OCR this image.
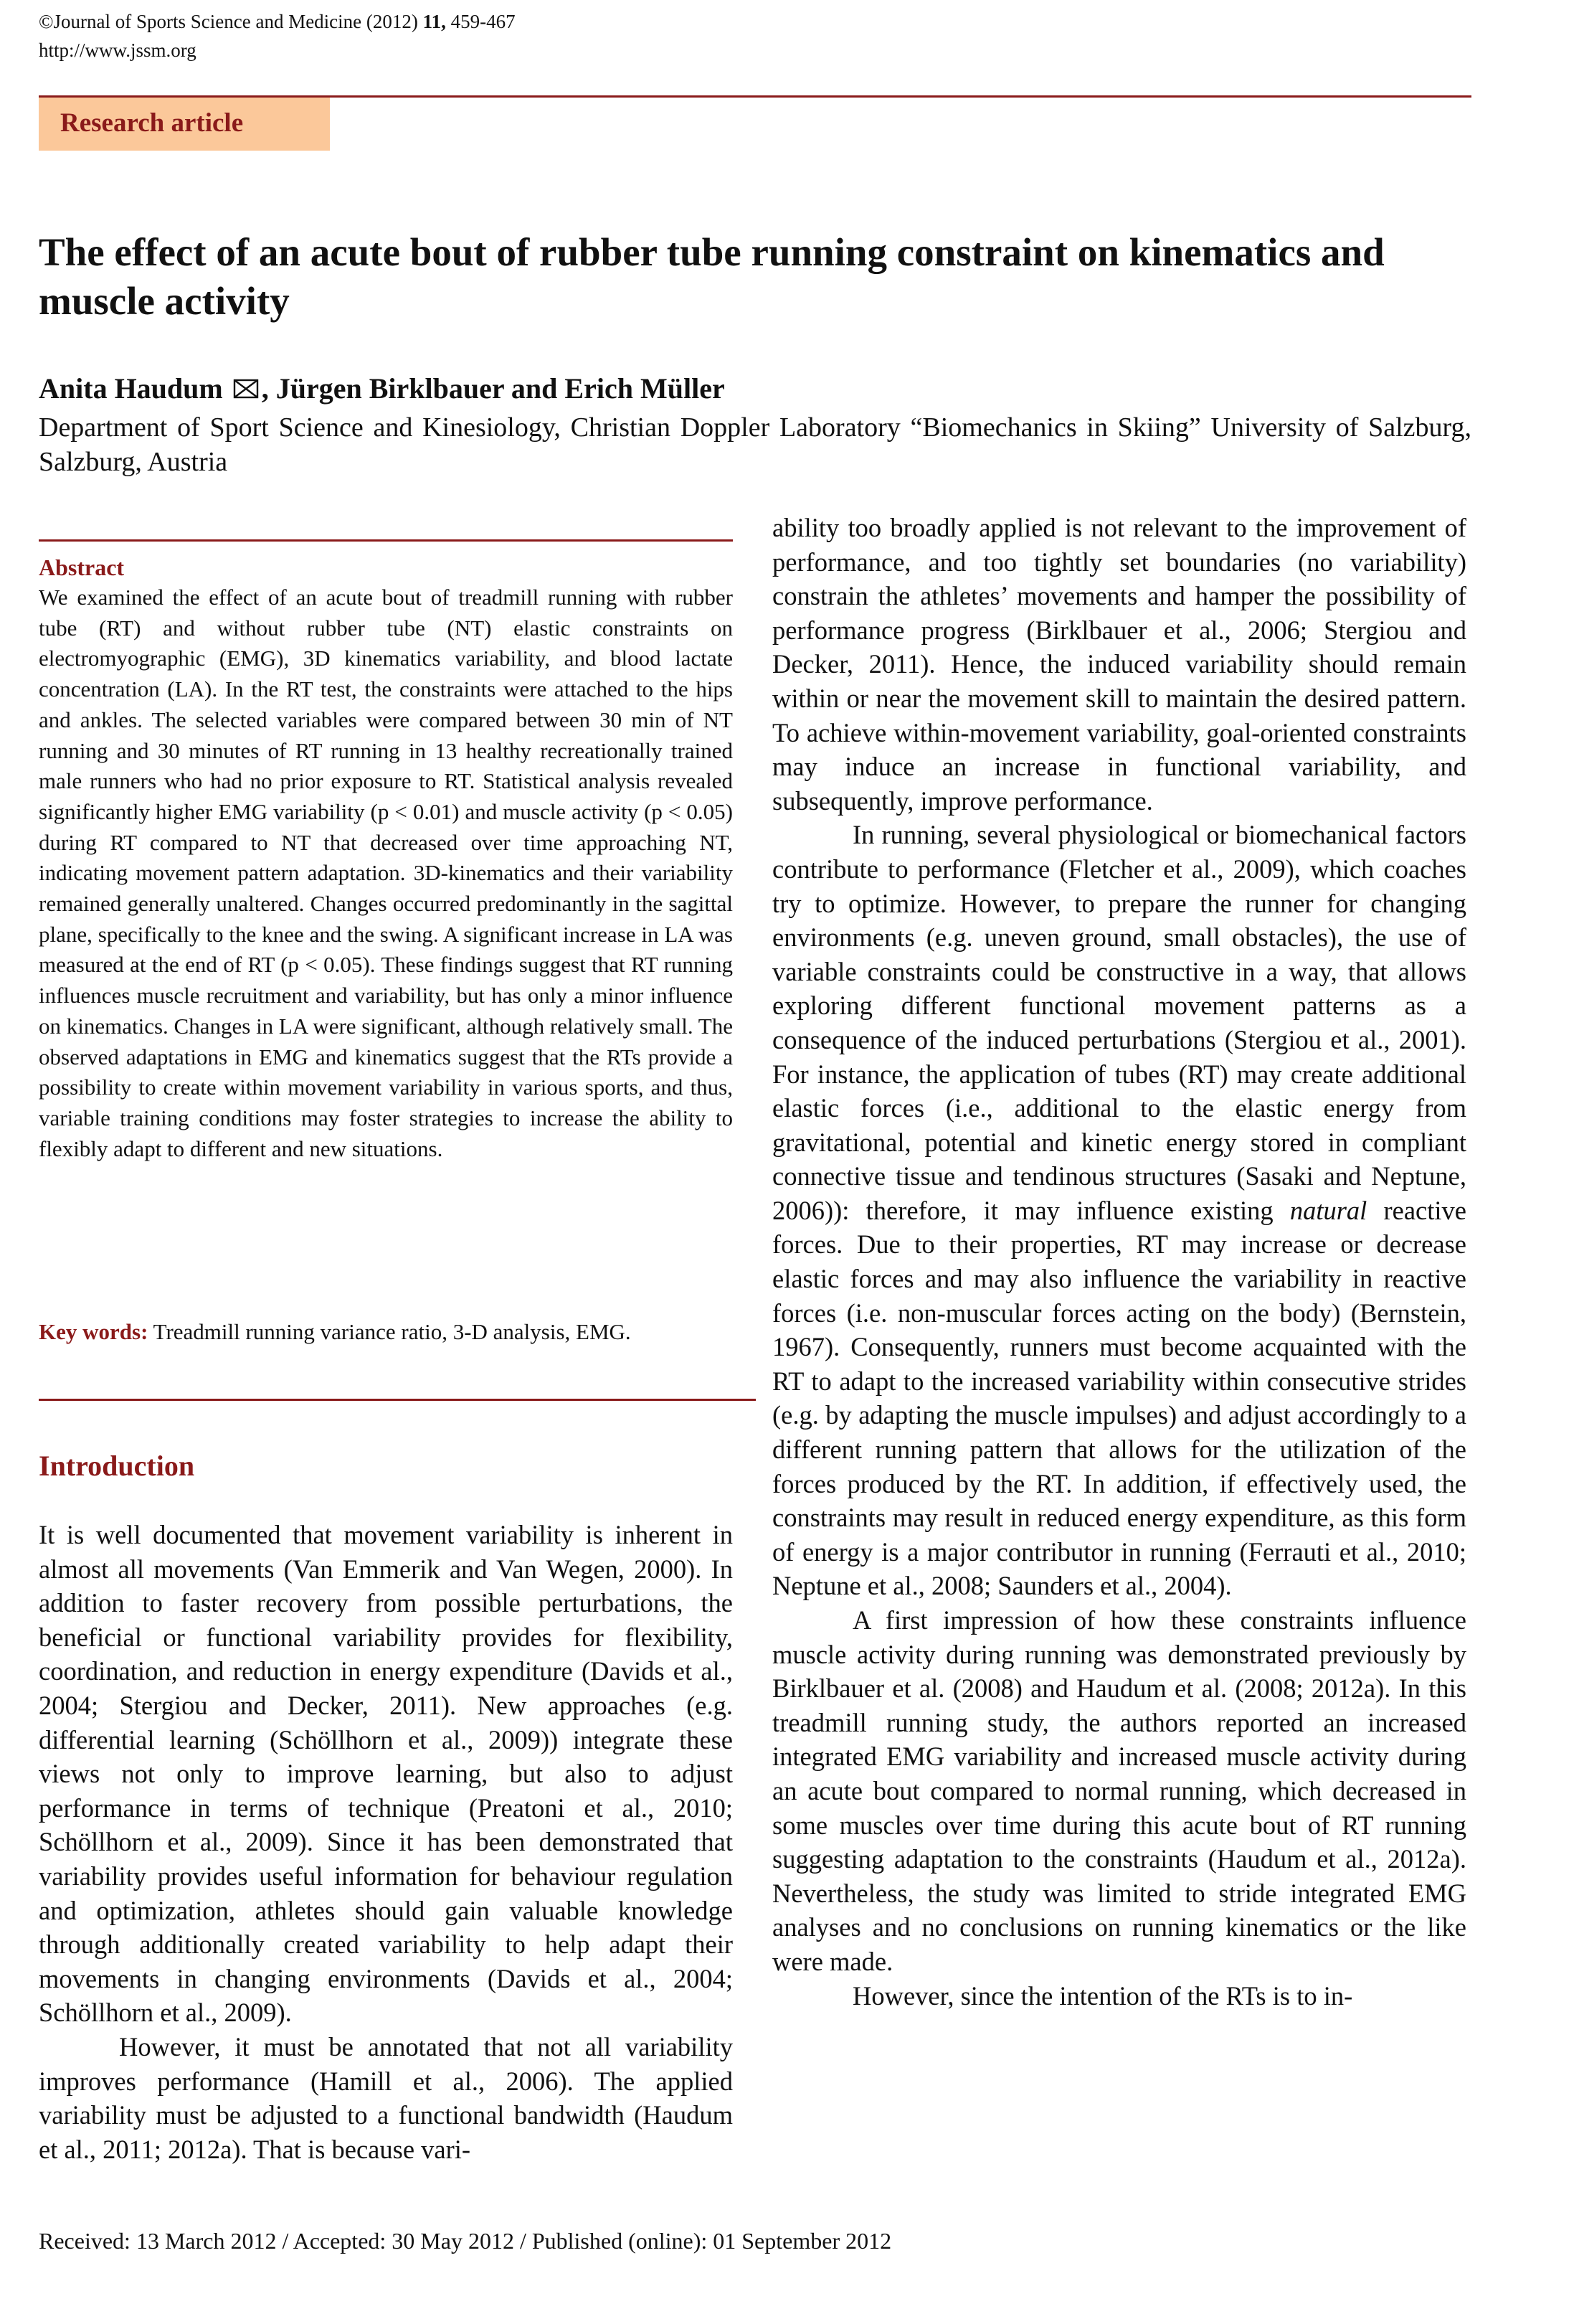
©Journal of Sports Science and Medicine (2012) 11, 459-467
http://www.jssm.org
Research article
The effect of an acute bout of rubber tube running constraint on kinematics and muscle activity
Anita Haudum , Jürgen Birklbauer and Erich Müller
Department of Sport Science and Kinesiology, Christian Doppler Laboratory “Biomechanics in Skiing” University of Salzburg, Salzburg, Austria
Abstract
We examined the effect of an acute bout of treadmill running with rubber tube (RT) and without rubber tube (NT) elastic constraints on electromyographic (EMG), 3D kinematics variability, and blood lactate concentration (LA). In the RT test, the constraints were attached to the hips and ankles. The selected variables were compared between 30 min of NT running and 30 minutes of RT running in 13 healthy recreationally trained male runners who had no prior exposure to RT. Statistical analysis revealed significantly higher EMG variability (p < 0.01) and muscle activity (p < 0.05) during RT compared to NT that decreased over time approaching NT, indicating movement pattern adaptation. 3D-kinematics and their variability remained generally unaltered. Changes occurred predominantly in the sagittal plane, specifically to the knee and the swing. A significant increase in LA was measured at the end of RT (p < 0.05). These findings suggest that RT running influences muscle recruitment and variability, but has only a minor influence on kinematics. Changes in LA were significant, although relatively small. The observed adaptations in EMG and kinematics suggest that the RTs provide a possibility to create within movement variability in various sports, and thus, variable training conditions may foster strategies to increase the ability to flexibly adapt to different and new situations.
Key words: Treadmill running variance ratio, 3-D analysis, EMG.
Introduction

It is well documented that movement variability is inherent in almost all movements (Van Emmerik and Van Wegen, 2000). In addition to faster recovery from possible perturbations, the beneficial or functional variability provides for flexibility, coordination, and reduction in energy expenditure (Davids et al., 2004; Stergiou and Decker, 2011). New approaches (e.g. differential learning (Schöllhorn et al., 2009)) integrate these views not only to improve learning, but also to adjust performance in terms of technique (Preatoni et al., 2010; Schöllhorn et al., 2009). Since it has been demonstrated that variability provides useful information for behaviour regulation and optimization, athletes should gain valuable knowledge through additionally created variability to help adapt their movements in changing environments (Davids et al., 2004; Schöllhorn et al., 2009).

However, it must be annotated that not all variability improves performance (Hamill et al., 2006). The applied variability must be adjusted to a functional bandwidth (Haudum et al., 2011; 2012a). That is because vari-

ability too broadly applied is not relevant to the improvement of performance, and too tightly set boundaries (no variability) constrain the athletes’ movements and hamper the possibility of performance progress (Birklbauer et al., 2006; Stergiou and Decker, 2011). Hence, the induced variability should remain within or near the movement skill to maintain the desired pattern. To achieve within-movement variability, goal-oriented constraints may induce an increase in functional variability, and subsequently, improve performance.

In running, several physiological or biomechanical factors contribute to performance (Fletcher et al., 2009), which coaches try to optimize. However, to prepare the runner for changing environments (e.g. uneven ground, small obstacles), the use of variable constraints could be constructive in a way, that allows exploring different functional movement patterns as a consequence of the induced perturbations (Stergiou et al., 2001). For instance, the application of tubes (RT) may create additional elastic forces (i.e., additional to the elastic energy from gravitational, potential and kinetic energy stored in compliant connective tissue and tendinous structures (Sasaki and Neptune, 2006)): therefore, it may influence existing natural reactive forces. Due to their properties, RT may increase or decrease elastic forces and may also influence the variability in reactive forces (i.e. non-muscular forces acting on the body) (Bernstein, 1967). Consequently, runners must become acquainted with the RT to adapt to the increased variability within consecutive strides (e.g. by adapting the muscle impulses) and adjust accordingly to a different running pattern that allows for the utilization of the forces produced by the RT. In addition, if effectively used, the constraints may result in reduced energy expenditure, as this form of energy is a major contributor in running (Ferrauti et al., 2010; Neptune et al., 2008; Saunders et al., 2004).

A first impression of how these constraints influence muscle activity during running was demonstrated previously by Birklbauer et al. (2008) and Haudum et al. (2008; 2012a). In this treadmill running study, the authors reported an increased integrated EMG variability and increased muscle activity during an acute bout compared to normal running, which decreased in some muscles over time during this acute bout of RT running suggesting adaptation to the constraints (Haudum et al., 2012a). Nevertheless, the study was limited to stride integrated EMG analyses and no conclusions on running kinematics or the like were made.

However, since the intention of the RTs is to in-

Received: 13 March 2012 / Accepted: 30 May 2012 / Published (online): 01 September 2012
